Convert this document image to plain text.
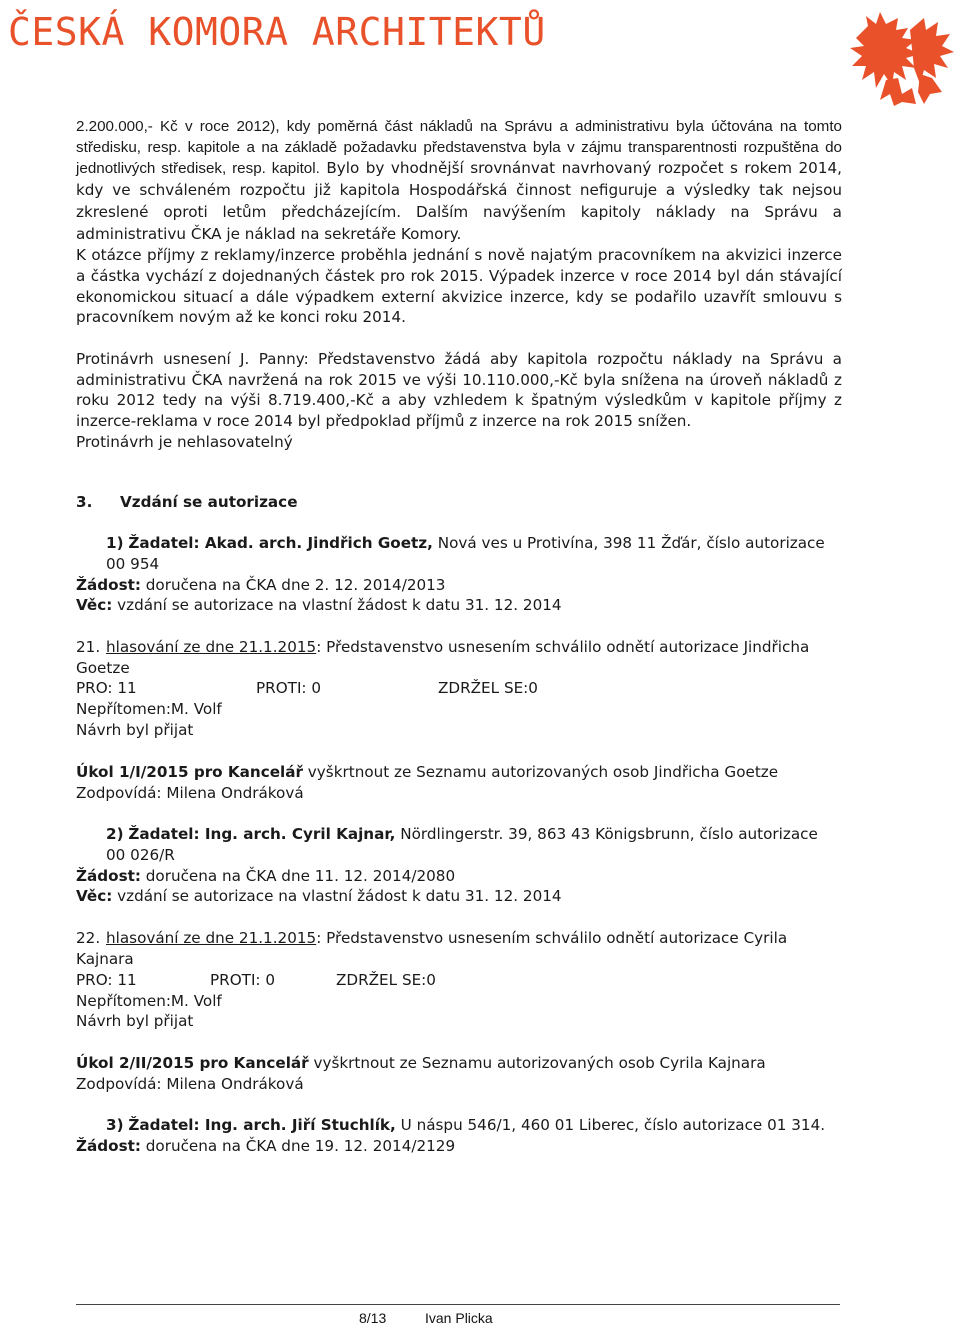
ČESKÁ KOMORA ARCHITEKTŮ

2.200.000,- Kč v roce 2012), kdy poměrná část nákladů na Správu a administrativu byla účtována na tomto středisku, resp. kapitole a na základě požadavku představenstva byla v zájmu transparentnosti rozpuštěna do jednotlivých středisek, resp. kapitol. Bylo by vhodnější srovnánvat navrhovaný rozpočet s rokem 2014, kdy ve schváleném rozpočtu již kapitola Hospodářská činnost nefiguruje a výsledky tak nejsou zkreslené oproti letům předcházejícím. Dalším navýšením kapitoly náklady na Správu a administrativu ČKA je náklad na sekretáře Komory.

K otázce příjmy z reklamy/inzerce proběhla jednání s nově najatým pracovníkem na akvizici inzerce a částka vychází z dojednaných částek pro rok 2015. Výpadek inzerce v roce 2014 byl dán stávající ekonomickou situací a dále výpadkem externí akvizice inzerce, kdy se podařilo uzavřít smlouvu s pracovníkem novým až ke konci roku 2014.

Protinávrh usnesení J. Panny: Představenstvo žádá aby kapitola rozpočtu náklady na Správu a administrativu ČKA navržená na rok 2015 ve výši 10.110.000,-Kč byla snížena na úroveň nákladů z roku 2012 tedy na výši 8.719.400,-Kč a aby vzhledem k špatným výsledkům v kapitole příjmy z inzerce-reklama v roce 2014 byl předpoklad příjmů z inzerce na rok 2015 snížen.

Protinávrh je nehlasovatelný

3. Vzdání se autorizace

1) Žadatel: Akad. arch. Jindřich Goetz, Nová ves u Protivína, 398 11 Žďár, číslo autorizace 00 954

Žádost: doručena na ČKA dne 2. 12. 2014/2013

Věc: vzdání se autorizace na vlastní žádost k datu 31. 12. 2014

21. hlasování ze dne 21.1.2015: Představenstvo usnesením schválilo odnětí autorizace Jindřicha Goetze

PRO: 11	PROTI: 0	ZDRŽEL SE:0

Nepřítomen:M. Volf

Návrh byl přijat

Úkol 1/I/2015 pro Kancelář vyškrtnout ze Seznamu autorizovaných osob Jindřicha Goetze

Zodpovídá: Milena Ondráková

2) Žadatel: Ing. arch. Cyril Kajnar, Nördlingerstr. 39, 863 43 Königsbrunn, číslo autorizace 00 026/R

Žádost: doručena na ČKA dne 11. 12. 2014/2080

Věc: vzdání se autorizace na vlastní žádost k datu 31. 12. 2014

22. hlasování ze dne 21.1.2015: Představenstvo usnesením schválilo odnětí autorizace Cyrila Kajnara

PRO: 11	PROTI: 0	ZDRŽEL SE:0

Nepřítomen:M. Volf

Návrh byl přijat

Úkol 2/II/2015 pro Kancelář vyškrtnout ze Seznamu autorizovaných osob Cyrila Kajnara

Zodpovídá: Milena Ondráková

3) Žadatel: Ing. arch. Jiří Stuchlík, U náspu 546/1, 460 01 Liberec, číslo autorizace 01 314.

Žádost: doručena na ČKA dne 19. 12. 2014/2129

8/13	Ivan Plicka
